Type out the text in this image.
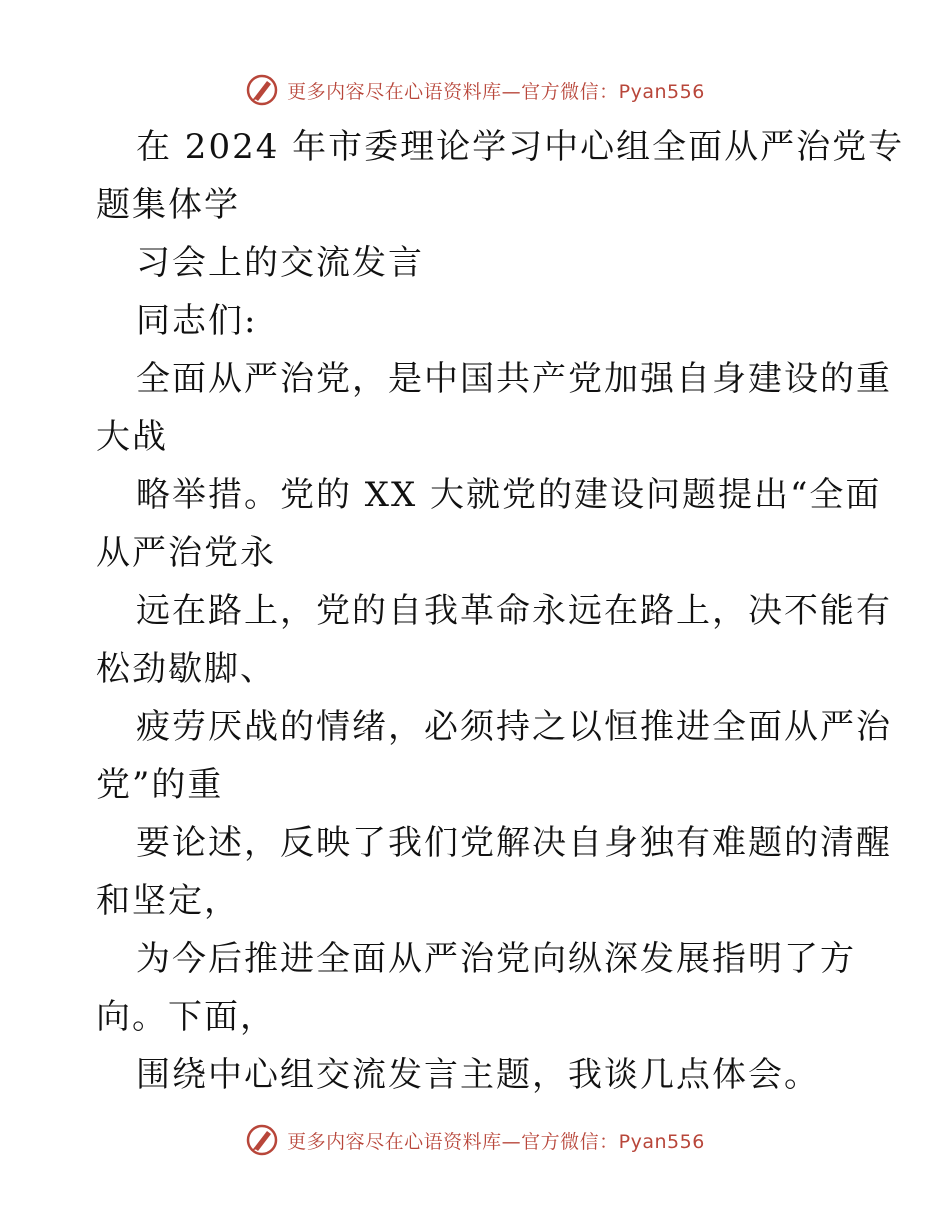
更多内容尽在心语资料库—官方微信：Pyan556
在 2024 年市委理论学习中心组全面从严治党专
题集体学
习会上的交流发言
同志们:
全面从严治党，是中国共产党加强自身建设的重
大战
略举措。党的 XX 大就党的建设问题提出“全面
从严治党永
远在路上，党的自我革命永远在路上，决不能有
松劲歇脚、
疲劳厌战的情绪，必须持之以恒推进全面从严治
党”的重
要论述，反映了我们党解决自身独有难题的清醒
和坚定，
为今后推进全面从严治党向纵深发展指明了方
向。下面，
围绕中心组交流发言主题，我谈几点体会。
更多内容尽在心语资料库—官方微信：Pyan556
